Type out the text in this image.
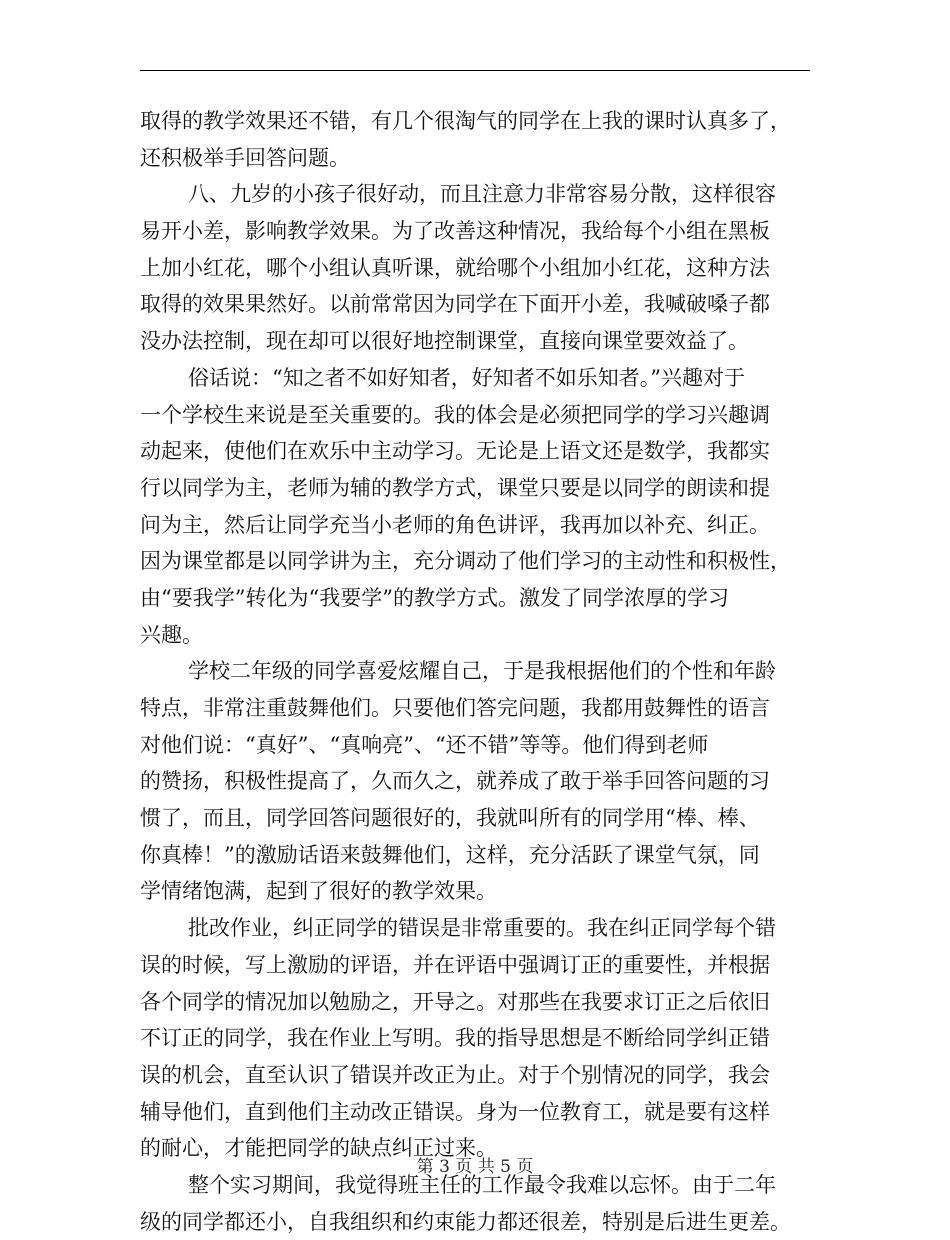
取得的教学效果还不错，有几个很淘气的同学在上我的课时认真多了，
还积极举手回答问题。
八、九岁的小孩子很好动，而且注意力非常容易分散，这样很容
易开小差，影响教学效果。为了改善这种情况，我给每个小组在黑板
上加小红花，哪个小组认真听课，就给哪个小组加小红花，这种方法
取得的效果果然好。以前常常因为同学在下面开小差，我喊破嗓子都
没办法控制，现在却可以很好地控制课堂，直接向课堂要效益了。
俗话说：“知之者不如好知者，好知者不如乐知者。”兴趣对于
一个学校生来说是至关重要的。我的体会是必须把同学的学习兴趣调
动起来，使他们在欢乐中主动学习。无论是上语文还是数学，我都实
行以同学为主，老师为辅的教学方式，课堂只要是以同学的朗读和提
问为主，然后让同学充当小老师的角色讲评，我再加以补充、纠正。
因为课堂都是以同学讲为主，充分调动了他们学习的主动性和积极性，
由“要我学”转化为“我要学”的教学方式。激发了同学浓厚的学习
兴趣。
学校二年级的同学喜爱炫耀自己，于是我根据他们的个性和年龄
特点，非常注重鼓舞他们。只要他们答完问题，我都用鼓舞性的语言
对他们说：“真好”、“真响亮”、“还不错”等等。他们得到老师
的赞扬，积极性提高了，久而久之，就养成了敢于举手回答问题的习
惯了，而且，同学回答问题很好的，我就叫所有的同学用“棒、棒、
你真棒！”的激励话语来鼓舞他们，这样，充分活跃了课堂气氛，同
学情绪饱满，起到了很好的教学效果。
批改作业，纠正同学的错误是非常重要的。我在纠正同学每个错
误的时候，写上激励的评语，并在评语中强调订正的重要性，并根据
各个同学的情况加以勉励之，开导之。对那些在我要求订正之后依旧
不订正的同学，我在作业上写明。我的指导思想是不断给同学纠正错
误的机会，直至认识了错误并改正为止。对于个别情况的同学，我会
辅导他们，直到他们主动改正错误。身为一位教育工，就是要有这样
的耐心，才能把同学的缺点纠正过来。
整个实习期间，我觉得班主任的工作最令我难以忘怀。由于二年
级的同学都还小，自我组织和约束能力都还很差，特别是后进生更差。
第 3 页 共 5 页
